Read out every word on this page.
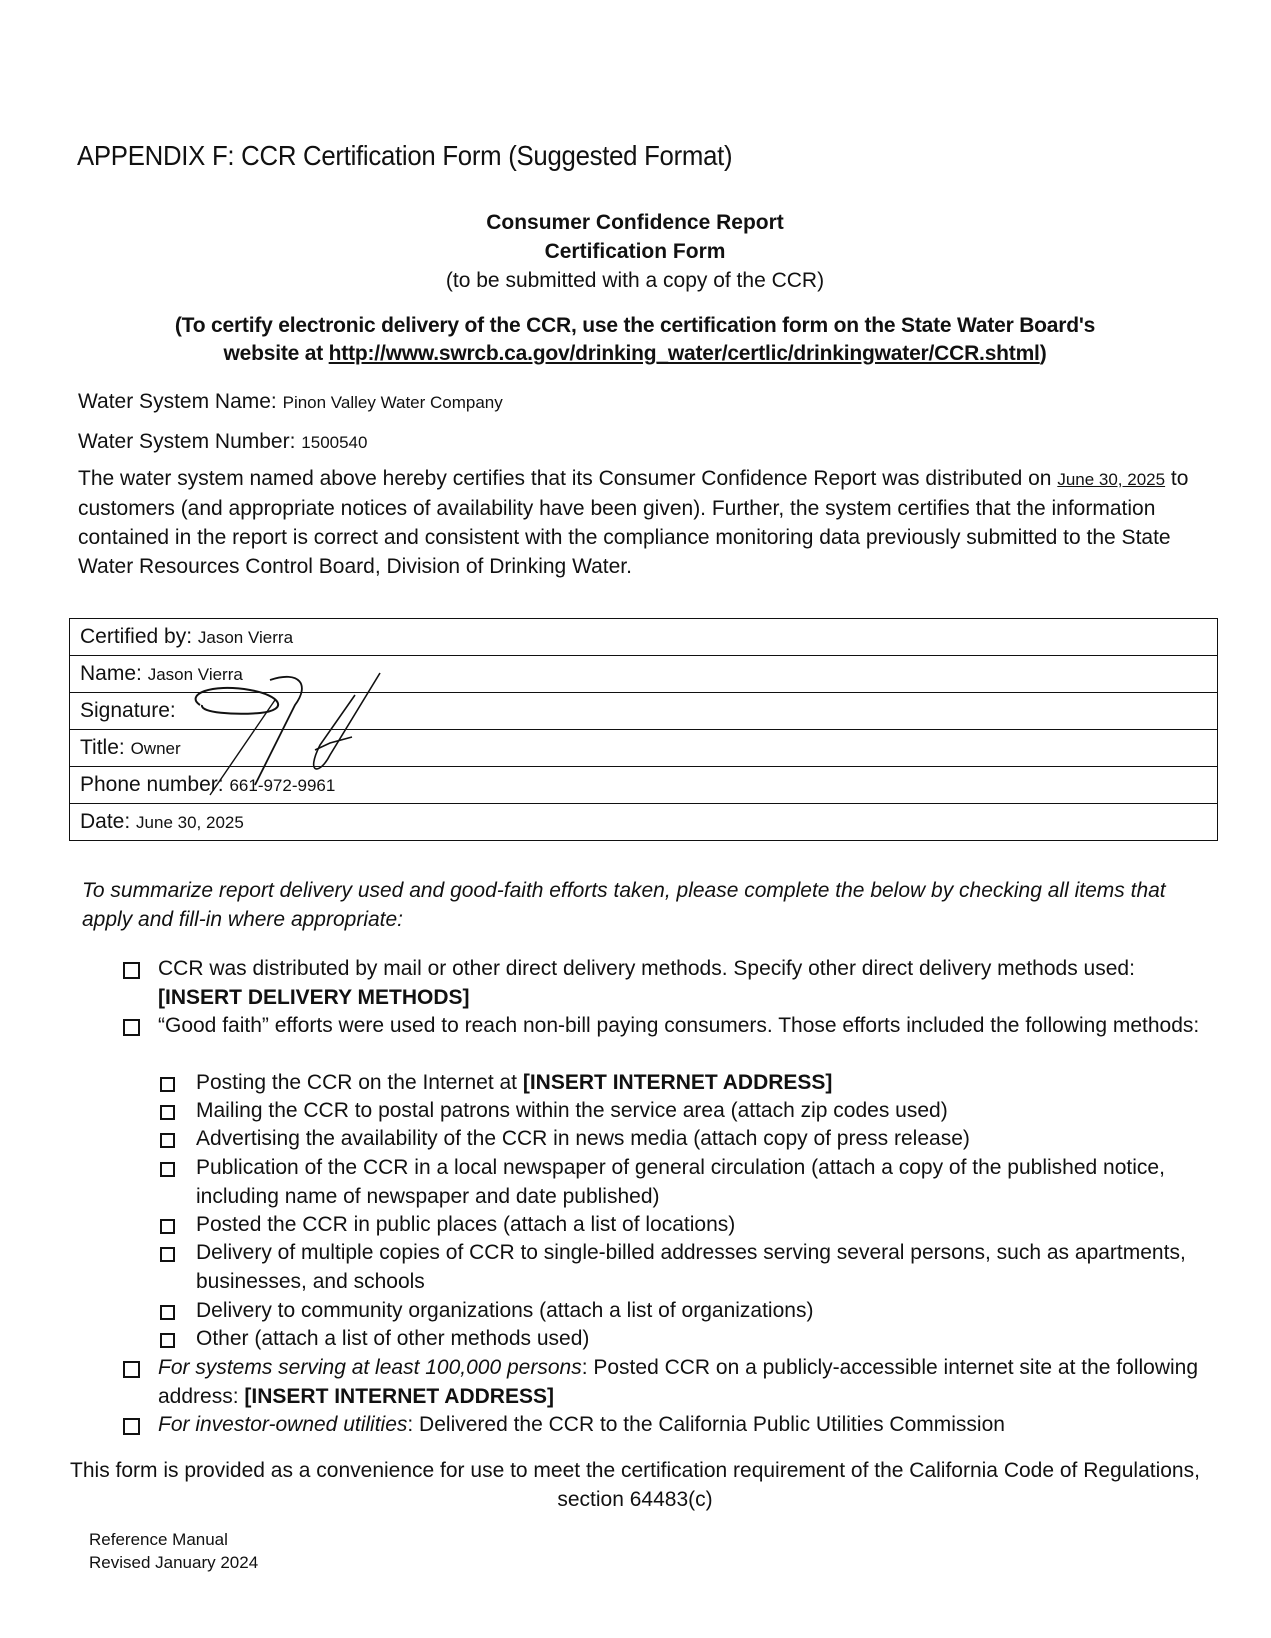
APPENDIX F: CCR Certification Form (Suggested Format)
Consumer Confidence Report
Certification Form
(to be submitted with a copy of the CCR)
(To certify electronic delivery of the CCR, use the certification form on the State Water Board's
website at http://www.swrcb.ca.gov/drinking_water/certlic/drinkingwater/CCR.shtml)
Water System Name: Pinon Valley Water Company
Water System Number: 1500540
The water system named above hereby certifies that its Consumer Confidence Report was distributed on June 30, 2025 to customers (and appropriate notices of availability have been given). Further, the system certifies that the information contained in the report is correct and consistent with the compliance monitoring data previously submitted to the State Water Resources Control Board, Division of Drinking Water.
Certified by: Jason Vierra
Name: Jason Vierra
Signature:
Title: Owner
Phone number: 661-972-9961
Date: June 30, 2025
To summarize report delivery used and good-faith efforts taken, please complete the below by checking all items that apply and fill-in where appropriate:
CCR was distributed by mail or other direct delivery methods. Specify other direct delivery methods used: [INSERT DELIVERY METHODS]
“Good faith” efforts were used to reach non-bill paying consumers. Those efforts included the following methods:
Posting the CCR on the Internet at [INSERT INTERNET ADDRESS]
Mailing the CCR to postal patrons within the service area (attach zip codes used)
Advertising the availability of the CCR in news media (attach copy of press release)
Publication of the CCR in a local newspaper of general circulation (attach a copy of the published notice, including name of newspaper and date published)
Posted the CCR in public places (attach a list of locations)
Delivery of multiple copies of CCR to single-billed addresses serving several persons, such as apartments, businesses, and schools
Delivery to community organizations (attach a list of organizations)
Other (attach a list of other methods used)
For systems serving at least 100,000 persons: Posted CCR on a publicly-accessible internet site at the following address: [INSERT INTERNET ADDRESS]
For investor-owned utilities: Delivered the CCR to the California Public Utilities Commission
This form is provided as a convenience for use to meet the certification requirement of the California Code of Regulations, section 64483(c)
Reference Manual
Revised January 2024
